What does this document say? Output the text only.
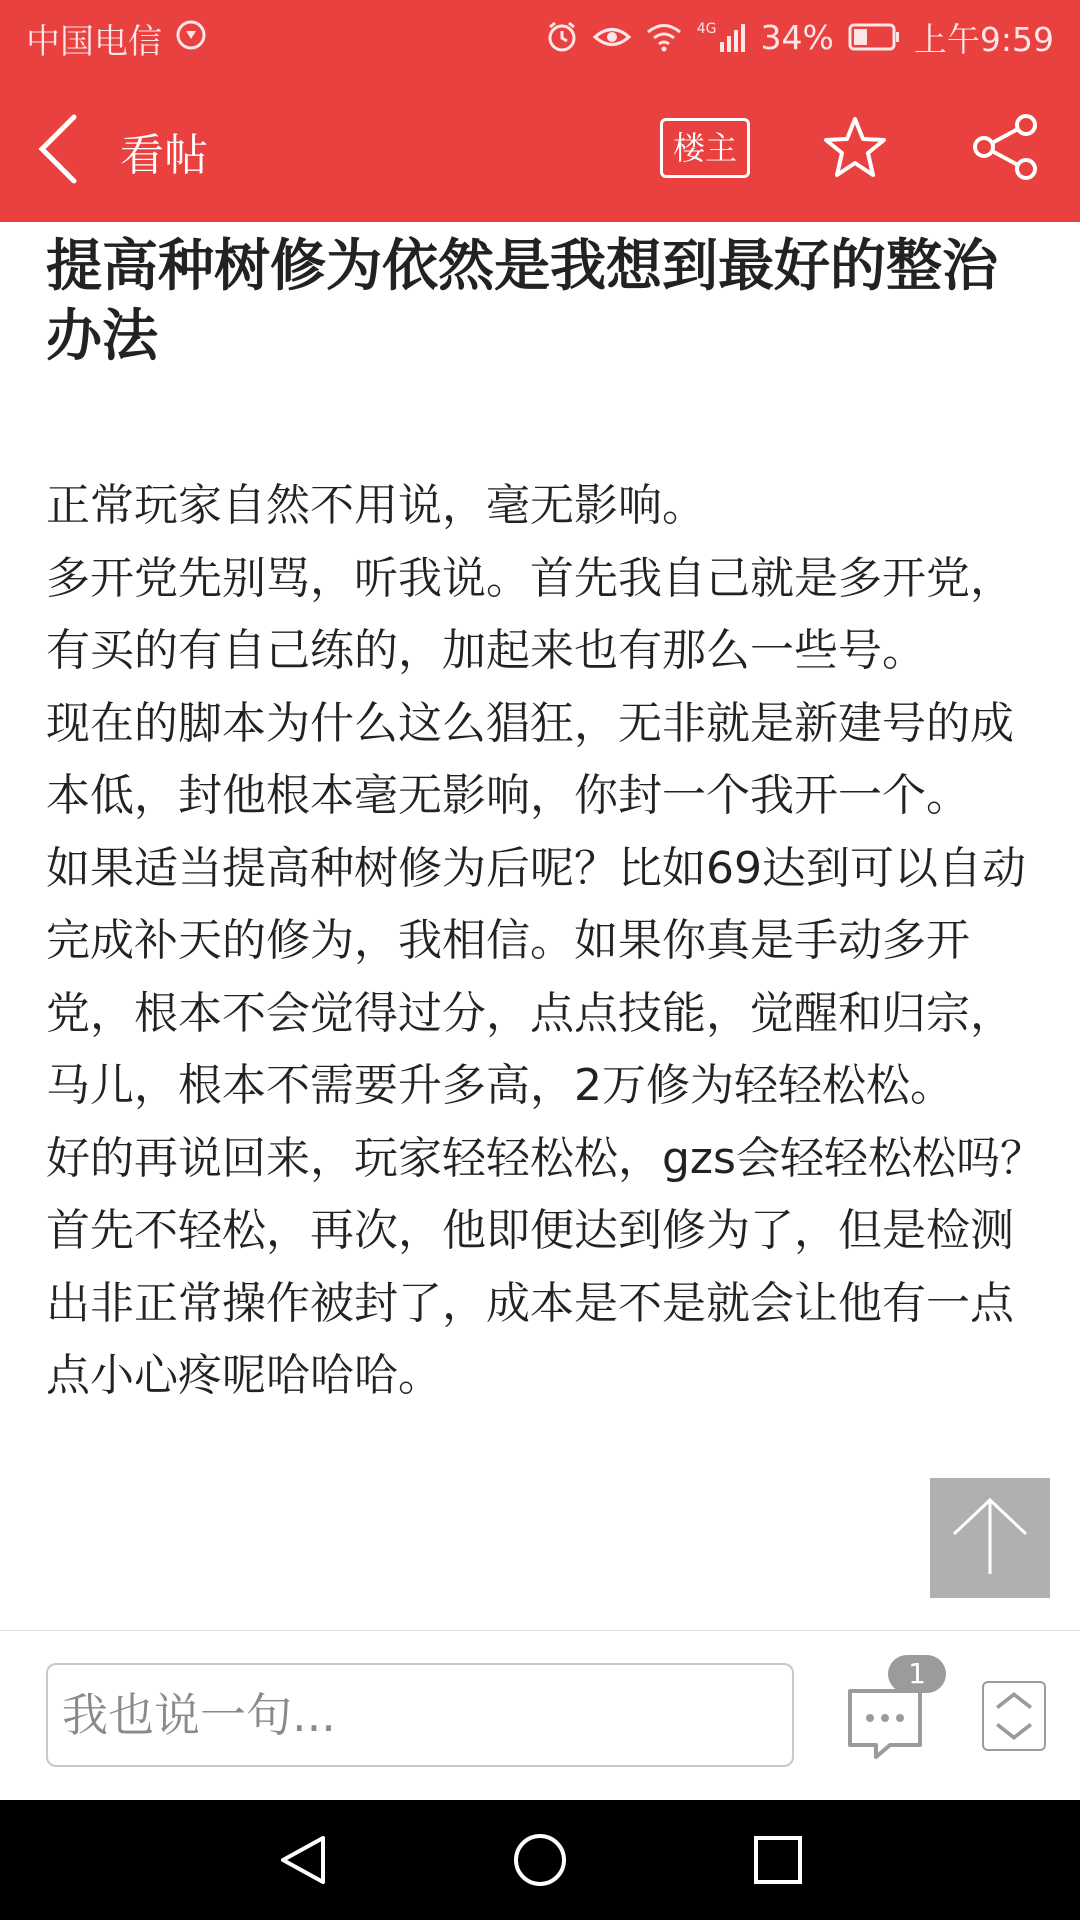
中国电信	4G 34% 上午9:59
看帖	楼主
提高种树修为依然是我想到最好的整治办法

正常玩家自然不用说，毫无影响。

多开党先别骂，听我说。首先我自己就是多开党，有买的有自己练的，加起来也有那么一些号。

现在的脚本为什么这么猖狂，无非就是新建号的成本低，封他根本毫无影响，你封一个我开一个。

如果适当提高种树修为后呢？比如69达到可以自动完成补天的修为，我相信。如果你真是手动多开党，根本不会觉得过分，点点技能，觉醒和归宗，马儿，根本不需要升多高，2万修为轻轻松松。

好的再说回来，玩家轻轻松松，gzs会轻轻松松吗？首先不轻松，再次，他即便达到修为了，但是检测出非正常操作被封了，成本是不是就会让他有一点点小心疼呢哈哈哈。

我也说一句...
1
